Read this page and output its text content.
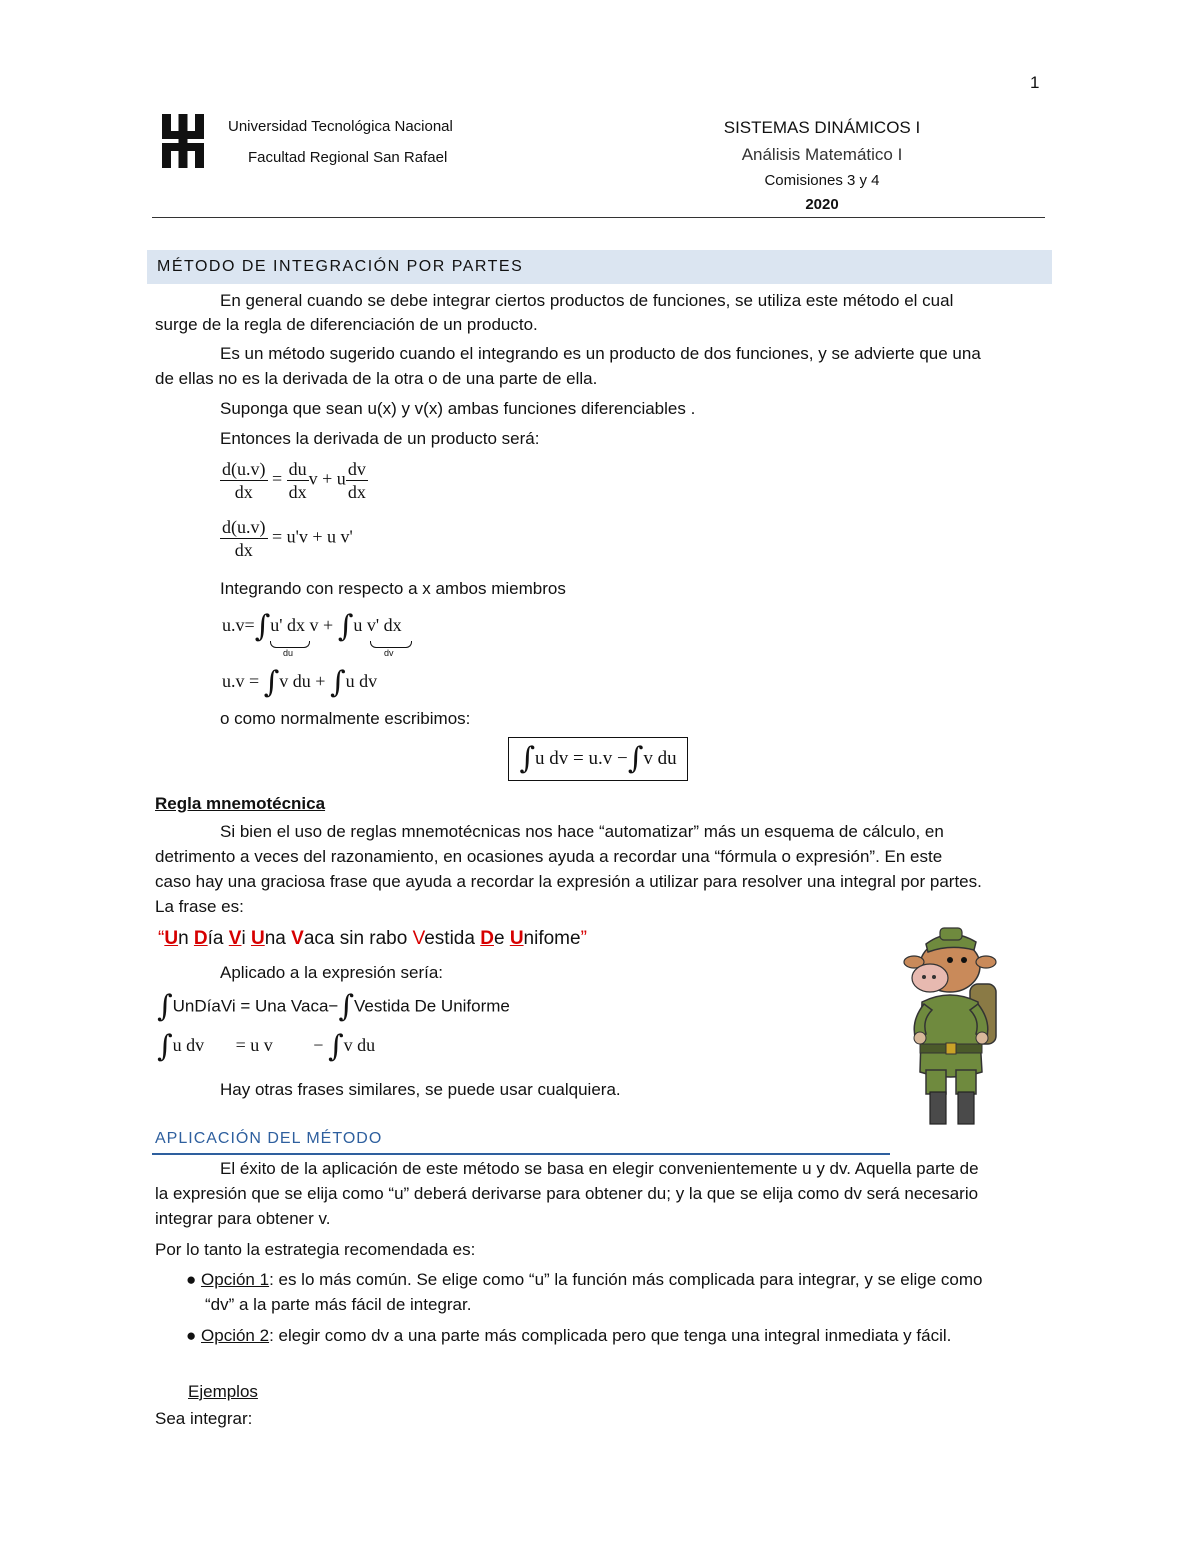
1
Universidad Tecnológica Nacional
Facultad Regional San Rafael
SISTEMAS DINÁMICOS I
Análisis Matemático I
Comisiones 3 y 4
2020
MÉTODO DE INTEGRACIÓN POR PARTES
En general cuando se debe integrar ciertos productos de funciones, se utiliza este método el cual
surge de la regla de diferenciación de un producto.
Es un método sugerido cuando el integrando es un producto de dos funciones, y se advierte que una
de ellas no es la derivada de la otra o de una parte de ella.
Suponga que sean u(x) y v(x) ambas funciones diferenciables .
Entonces la derivada de un producto será:
$\frac{d(u.v)}{dx} = \frac{du}{dx}$ v + u $\frac{dv}{dx}$
$\frac{d(u.v)}{dx} = u'v + u$ v'
Integrando con respecto a x ambos miembros
u.v=∫u' dx v + ∫u v' dx
du	dv
u.v = ∫v du + ∫u dv
o como normalmente escribimos:
∫ u dv = u.v − ∫ v du
Regla mnemotécnica
Si bien el uso de reglas mnemotécnicas nos hace “automatizar” más un esquema de cálculo, en
detrimento a veces del razonamiento, en ocasiones ayuda a recordar una “fórmula o expresión”. En este
caso hay una graciosa frase que ayuda a recordar la expresión a utilizar para resolver una integral por partes.
La frase es:
“Un Día Vi Una Vaca sin rabo Vestida De Unifome”
Aplicado a la expresión sería:
∫UnDíaVi = Una Vaca−∫Vestida De Uniforme
∫u dv       = u v         − ∫v du
Hay otras frases similares, se puede usar cualquiera.
APLICACIÓN DEL MÉTODO
El éxito de la aplicación de este método se basa en elegir convenientemente u y dv. Aquella parte de
la expresión que se elija como “u” deberá derivarse para obtener du; y la que se elija como dv será necesario
integrar para obtener v.
Por lo tanto la estrategia recomendada es:
● Opción 1: es lo más común. Se elige como “u” la función más complicada para integrar, y se elige como
“dv” a la parte más fácil de integrar.
● Opción 2: elegir como dv a una parte más complicada pero que tenga una integral inmediata y fácil.
Ejemplos
Sea integrar:
